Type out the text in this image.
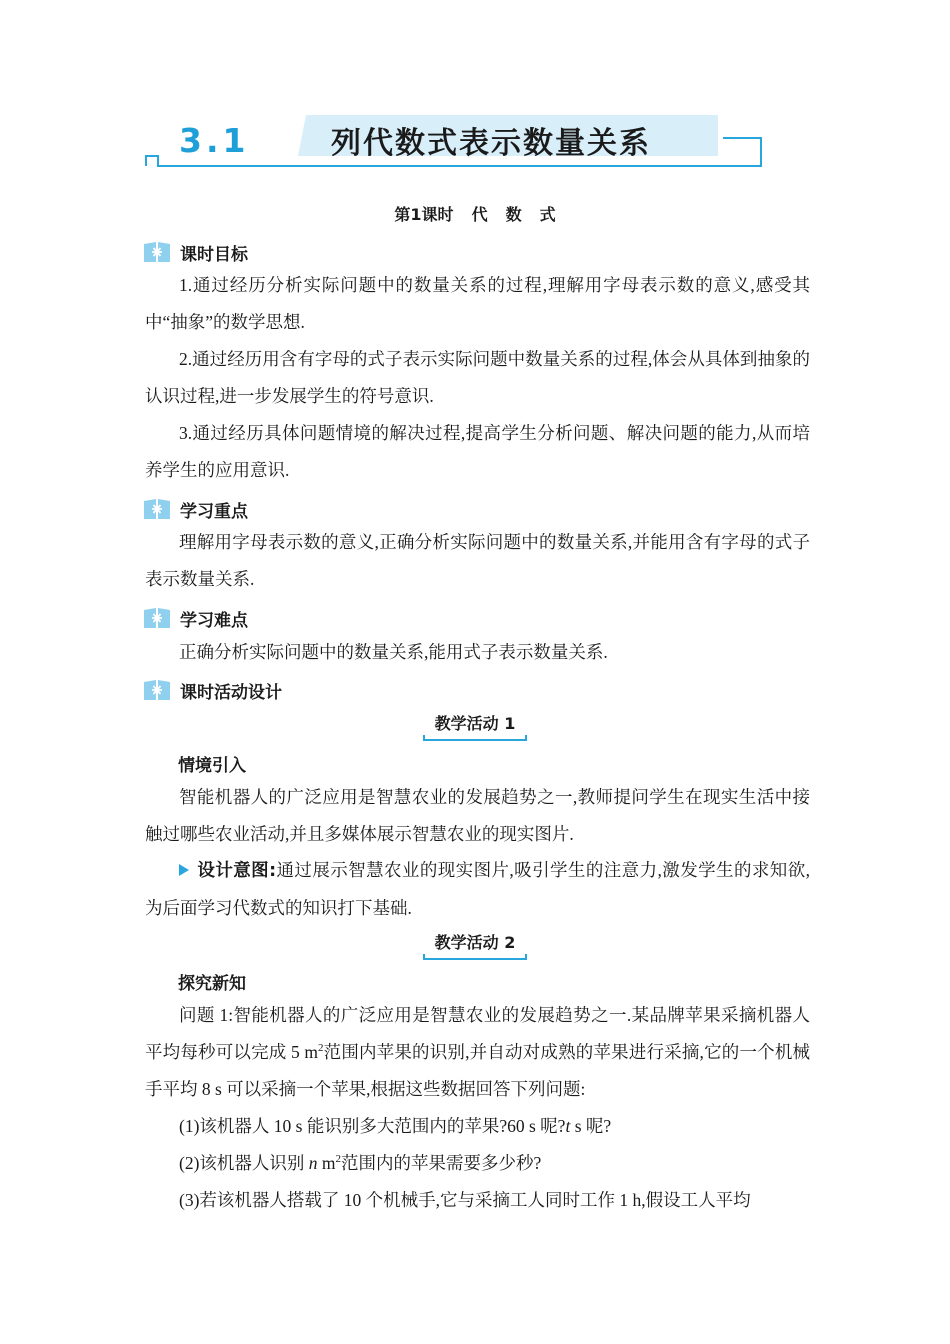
3.1	列代数式表示数量关系
第1课时 代 数 式
课时目标

1.通过经历分析实际问题中的数量关系的过程,理解用字母表示数的意义,感受其中“抽象”的数学思想.

2.通过经历用含有字母的式子表示实际问题中数量关系的过程,体会从具体到抽象的认识过程,进一步发展学生的符号意识.

3.通过经历具体问题情境的解决过程,提高学生分析问题、解决问题的能力,从而培养学生的应用意识.

学习重点

理解用字母表示数的意义,正确分析实际问题中的数量关系,并能用含有字母的式子表示数量关系.

学习难点

正确分析实际问题中的数量关系,能用式子表示数量关系.

课时活动设计
教学活动 1
情境引入

智能机器人的广泛应用是智慧农业的发展趋势之一,教师提问学生在现实生活中接触过哪些农业活动,并且多媒体展示智慧农业的现实图片.

设计意图:通过展示智慧农业的现实图片,吸引学生的注意力,激发学生的求知欲,为后面学习代数式的知识打下基础.

教学活动 2
探究新知

问题 1:智能机器人的广泛应用是智慧农业的发展趋势之一.某品牌苹果采摘机器人平均每秒可以完成 5 $m^2$范围内苹果的识别,并自动对成熟的苹果进行采摘,它的一个机械手平均 8 s 可以采摘一个苹果,根据这些数据回答下列问题:

(1)该机器人 10 s 能识别多大范围内的苹果?60 s 呢?t s 呢?

(2)该机器人识别 n $m^2$范围内的苹果需要多少秒?

(3)若该机器人搭载了 10 个机械手,它与采摘工人同时工作 1 h,假设工人平均
